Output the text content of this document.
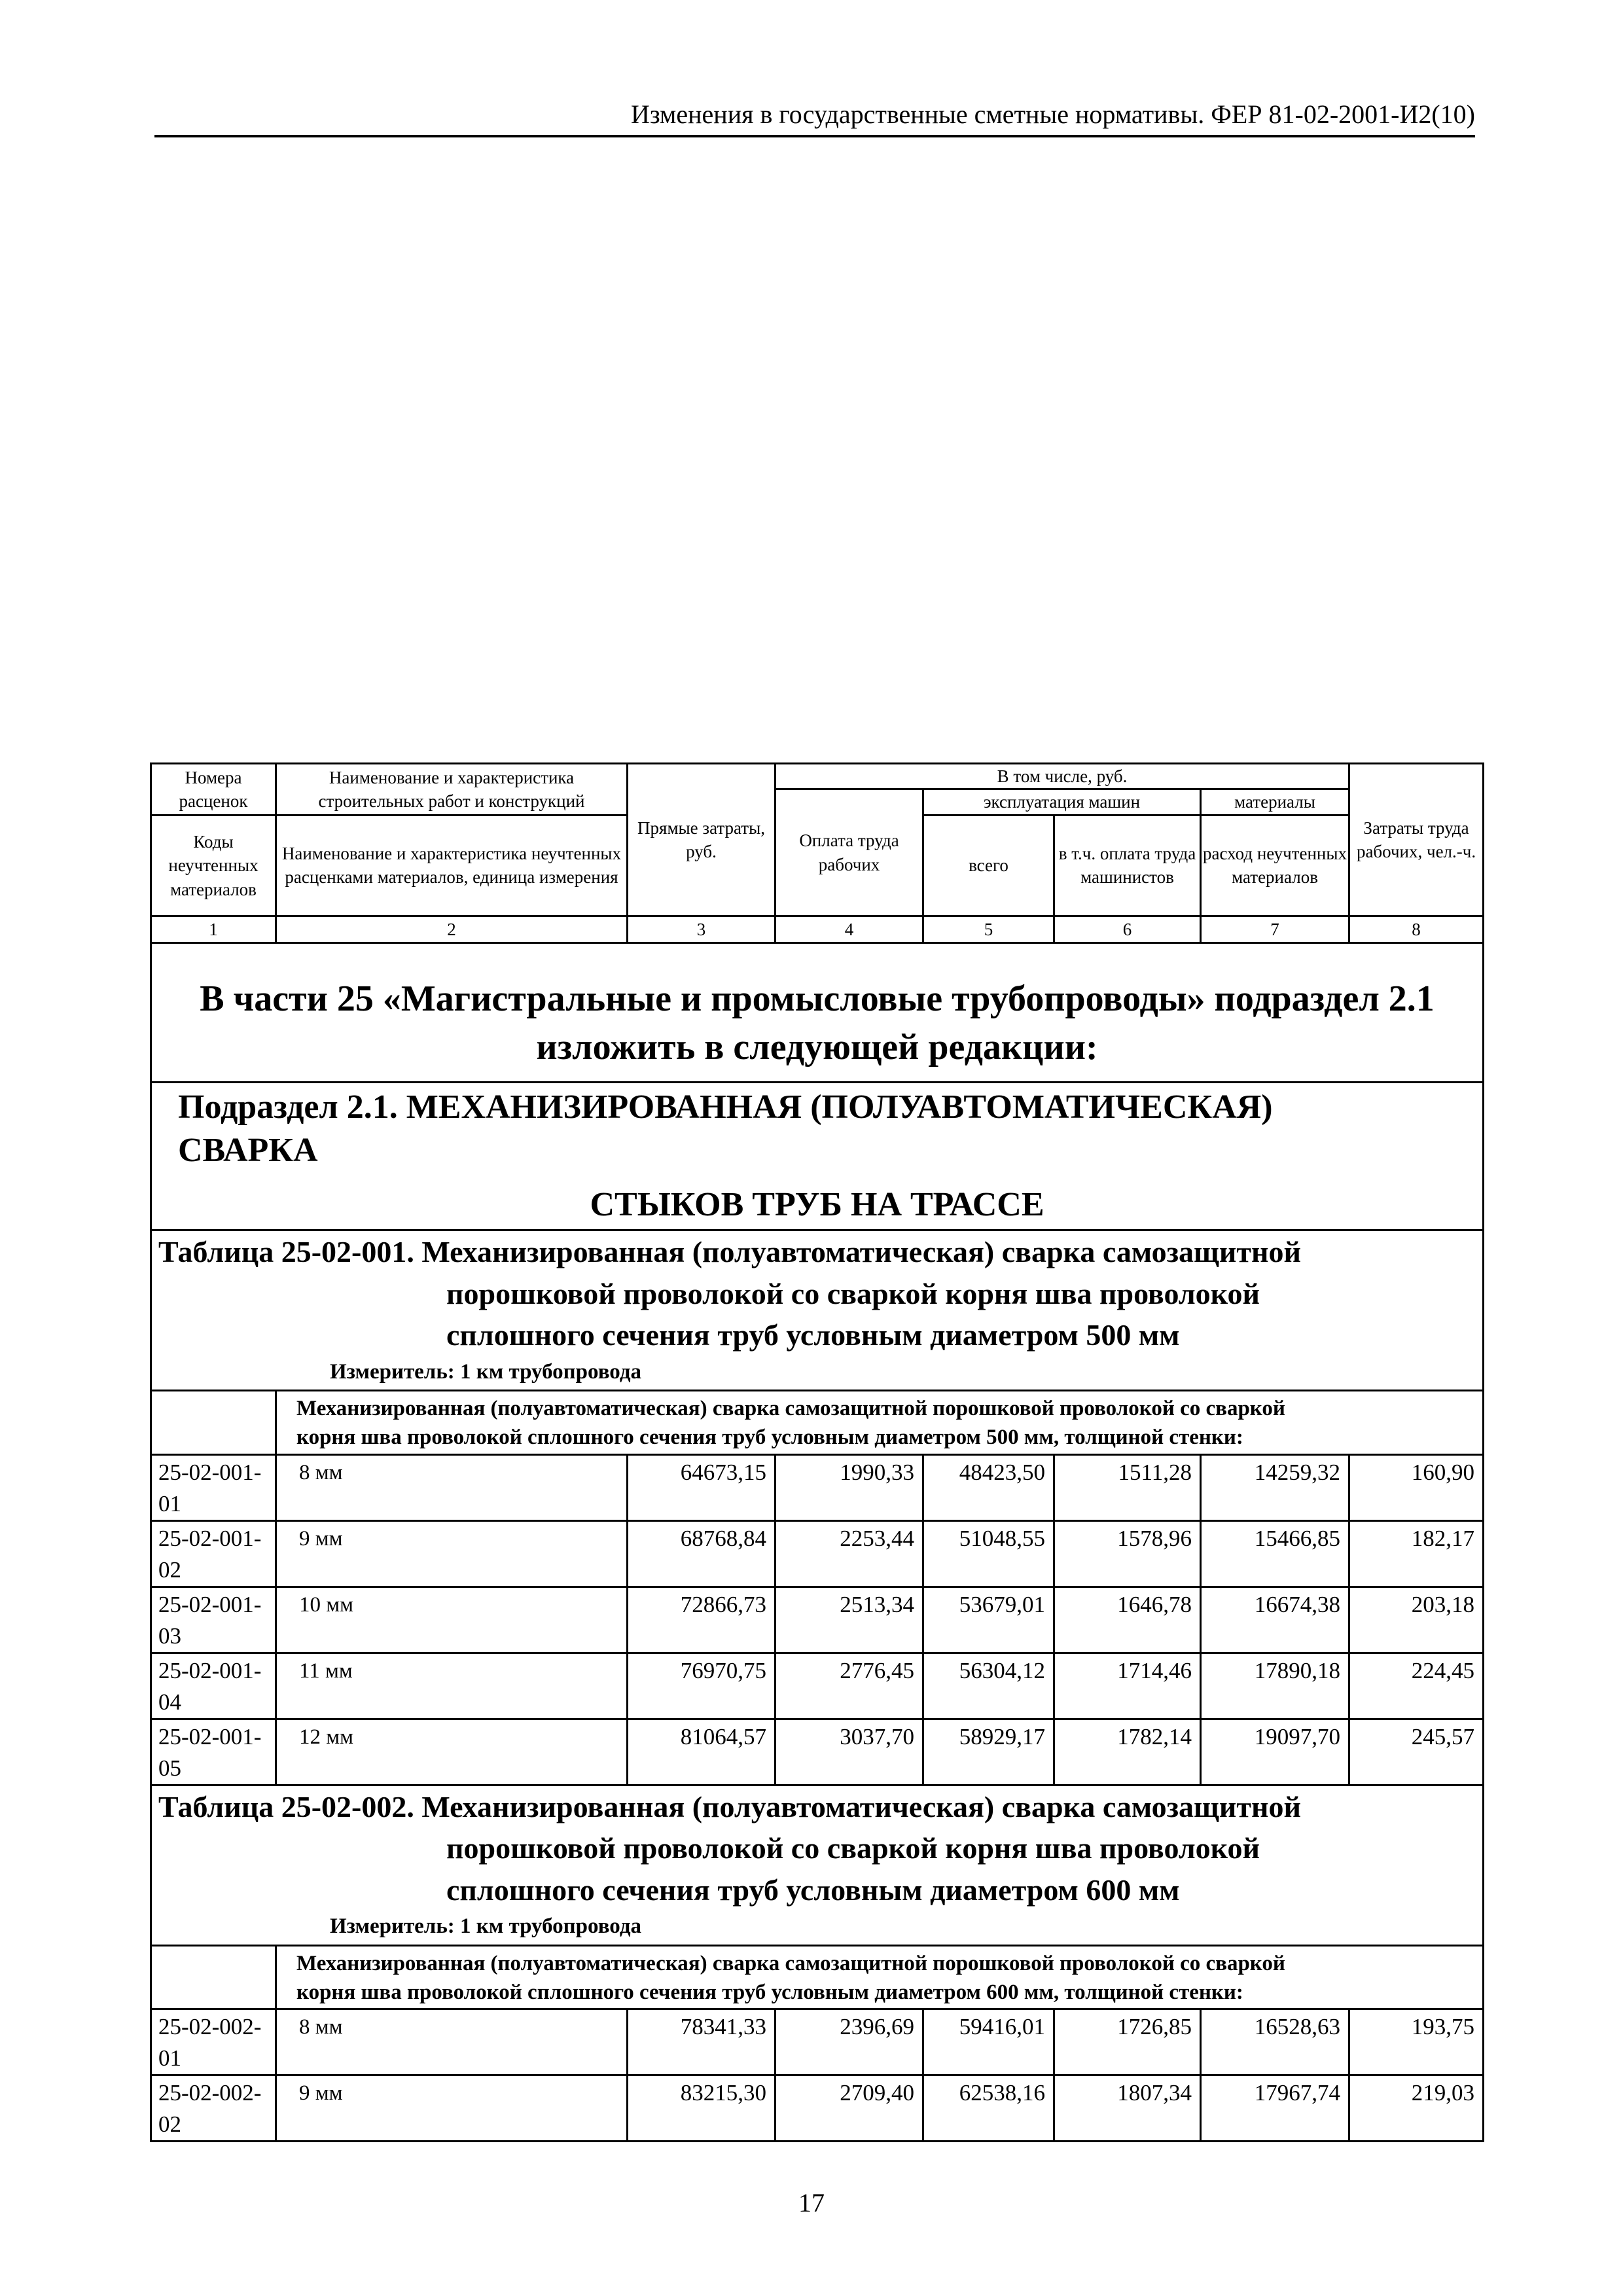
Изменения в государственные сметные нормативы. ФЕР 81-02-2001-И2(10)
Номера расценок	Наименование и характеристика строительных работ и конструкций	Прямые затраты, руб.	В том числе, руб.				Затраты труда рабочих, чел.-ч.
			Оплата труда рабочих	эксплуатация машин		материалы	
Коды неучтенных материалов	Наименование и характеристика неучтенных расценками материалов, единица измерения			всего	в т.ч. оплата труда машинистов	расход неучтенных материалов	

1	2	3	4	5	6	7	8
В части 25 «Магистральные и промысловые трубопроводы» подраздел 2.1
изложить в следующей редакции:							
Подраздел 2.1. МЕХАНИЗИРОВАННАЯ (ПОЛУАВТОМАТИЧЕСКАЯ)
СВАРКА
СТЫКОВ ТРУБ НА ТРАССЕ							

Таблица 25-02-001. Механизированная (полуавтоматическая) сварка самозащитной
порошковой проволокой со сваркой корня шва проволокой
сплошного сечения труб условным диаметром 500 мм
Измеритель: 1 км трубопровода							

	Механизированная (полуавтоматическая) сварка самозащитной порошковой проволокой со сваркой
корня шва проволокой сплошного сечения труб условным диаметром 500 мм, толщиной стенки:						
25-02-001-01	8 мм	64673,15	1990,33	48423,50	1511,28	14259,32	160,90
25-02-001-02	9 мм	68768,84	2253,44	51048,55	1578,96	15466,85	182,17
25-02-001-03	10 мм	72866,73	2513,34	53679,01	1646,78	16674,38	203,18
25-02-001-04	11 мм	76970,75	2776,45	56304,12	1714,46	17890,18	224,45
25-02-001-05	12 мм	81064,57	3037,70	58929,17	1782,14	19097,70	245,57

Таблица 25-02-002. Механизированная (полуавтоматическая) сварка самозащитной
порошковой проволокой со сваркой корня шва проволокой
сплошного сечения труб условным диаметром 600 мм
Измеритель: 1 км трубопровода							

	Механизированная (полуавтоматическая) сварка самозащитной порошковой проволокой со сваркой
корня шва проволокой сплошного сечения труб условным диаметром 600 мм, толщиной стенки:						
25-02-002-01	8 мм	78341,33	2396,69	59416,01	1726,85	16528,63	193,75
25-02-002-02	9 мм	83215,30	2709,40	62538,16	1807,34	17967,74	219,03
17
